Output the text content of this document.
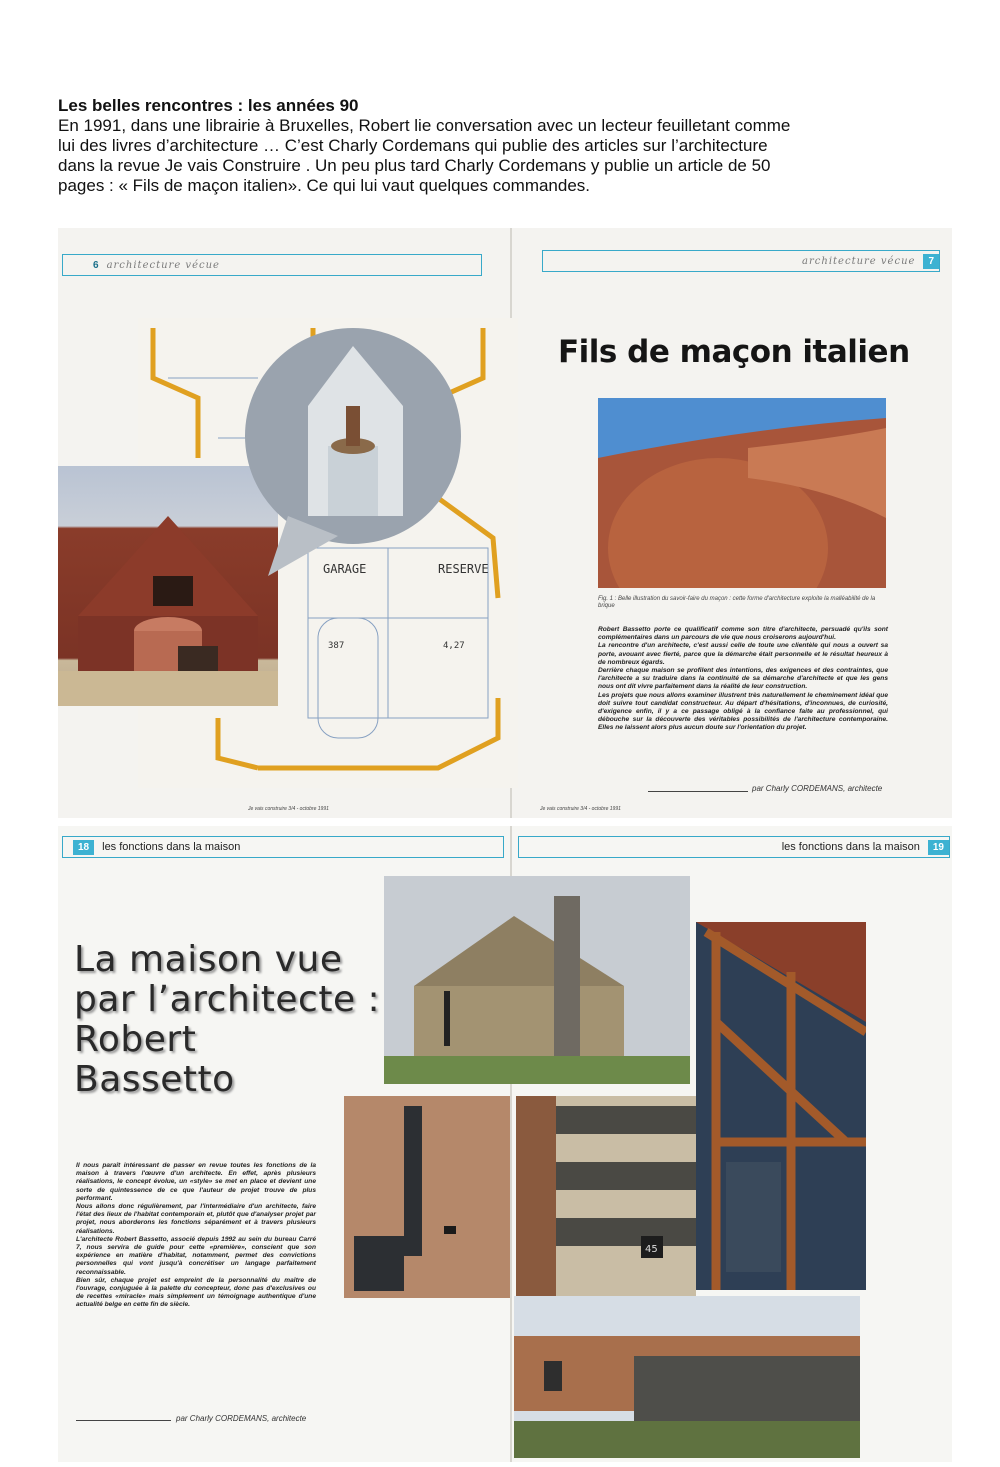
Les belles rencontres : les années 90
En 1991, dans une librairie à Bruxelles, Robert lie conversation avec un lecteur feuilletant comme
lui des livres d’architecture … C’est Charly Cordemans qui publie des articles sur l’architecture
dans la revue Je vais Construire . Un peu plus tard Charly Cordemans y publie un article de 50
pages : « Fils de maçon italien». Ce qui lui vaut quelques commandes.
6 architecture vécue	architecture vécue	7
GARAGE	RESERVE
387	4,27
Fils de maçon italien
Fig. 1 : Belle illustration du savoir-faire du maçon : cette forme d'architecture exploite la malléabilité de la brique
Robert Bassetto porte ce qualificatif comme son titre d'architecte, persuadé qu'ils sont complémentaires dans un parcours de vie que nous croiserons aujourd'hui.
La rencontre d'un architecte, c'est aussi celle de toute une clientèle qui nous a ouvert sa porte, avouant avec fierté, parce que la démarche était personnelle et le résultat heureux à de nombreux égards.
Derrière chaque maison se profilent des intentions, des exigences et des contraintes, que l'architecte a su traduire dans la continuité de sa démarche d'architecte et que les gens nous ont dit vivre parfaitement dans la réalité de leur construction.
Les projets que nous allons examiner illustrent très naturellement le cheminement idéal que doit suivre tout candidat constructeur. Au départ d'hésitations, d'inconnues, de curiosité, d'exigence enfin, il y a ce passage obligé à la confiance faite au professionnel, qui débouche sur la découverte des véritables possibilités de l'architecture contemporaine. Elles ne laissent alors plus aucun doute sur l'orientation du projet.
par Charly CORDEMANS, architecte
Je vais construire 3/4 - octobre 1991	Je vais construire 3/4 - octobre 1991
18	les fonctions dans la maison	les fonctions dans la maison	19
La maison vue
par l’architecte :
Robert
Bassetto
45
Il nous paraît intéressant de passer en revue toutes les fonctions de la maison à travers l'œuvre d'un architecte. En effet, après plusieurs réalisations, le concept évolue, un «style» se met en place et devient une sorte de quintessence de ce que l'auteur de projet trouve de plus performant.
Nous allons donc régulièrement, par l'intermédiaire d'un architecte, faire l'état des lieux de l'habitat contemporain et, plutôt que d'analyser projet par projet, nous aborderons les fonctions séparément et à travers plusieurs réalisations.
L'architecte Robert Bassetto, associé depuis 1992 au sein du bureau Carré 7, nous servira de guide pour cette «première», conscient que son expérience en matière d'habitat, notamment, permet des convictions personnelles qui vont jusqu'à concrétiser un langage parfaitement reconnaissable.
Bien sûr, chaque projet est empreint de la personnalité du maître de l'ouvrage, conjuguée à la palette du concepteur, donc pas d'exclusives ou de recettes «miracle» mais simplement un témoignage authentique d'une actualité belge en cette fin de siècle.
par Charly CORDEMANS, architecte
